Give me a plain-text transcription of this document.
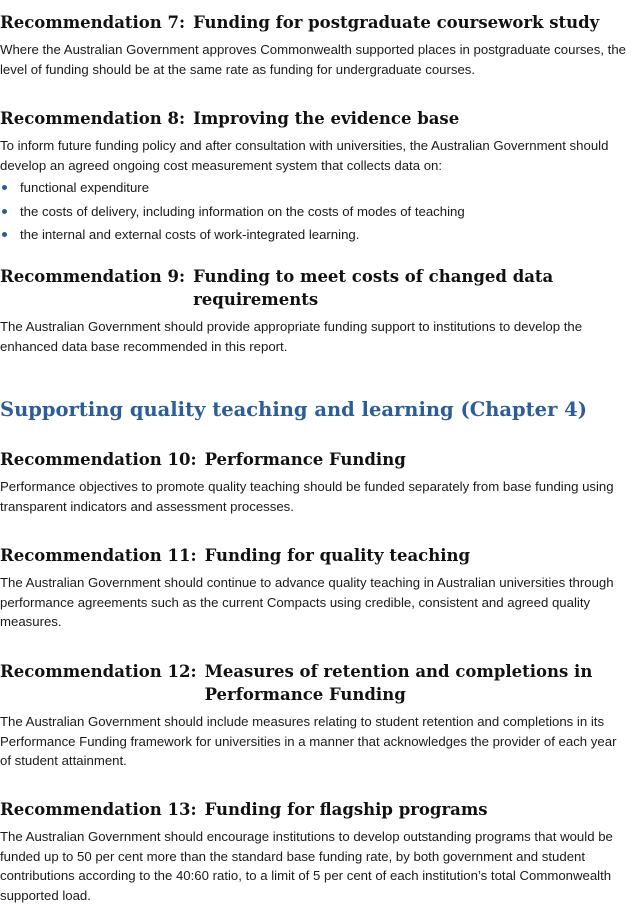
Recommendation 7: Funding for postgraduate coursework study

Where the Australian Government approves Commonwealth supported places in postgraduate courses, the level of funding should be at the same rate as funding for undergraduate courses.

Recommendation 8: Improving the evidence base

To inform future funding policy and after consultation with universities, the Australian Government should develop an agreed ongoing cost measurement system that collects data on:

functional expenditure
the costs of delivery, including information on the costs of modes of teaching
the internal and external costs of work-integrated learning.
Recommendation 9: Funding to meet costs of changed data requirements

The Australian Government should provide appropriate funding support to institutions to develop the enhanced data base recommended in this report.

Supporting quality teaching and learning (Chapter 4)
Recommendation 10: Performance Funding

Performance objectives to promote quality teaching should be funded separately from base funding using transparent indicators and assessment processes.

Recommendation 11: Funding for quality teaching

The Australian Government should continue to advance quality teaching in Australian universities through performance agreements such as the current Compacts using credible, consistent and agreed quality measures.

Recommendation 12: Measures of retention and completions in Performance Funding

The Australian Government should include measures relating to student retention and completions in its Performance Funding framework for universities in a manner that acknowledges the provider of each year of student attainment.

Recommendation 13: Funding for flagship programs

The Australian Government should encourage institutions to develop outstanding programs that would be funded up to 50 per cent more than the standard base funding rate, by both government and student contributions according to the 40:60 ratio, to a limit of 5 per cent of each institution’s total Commonwealth supported load.
